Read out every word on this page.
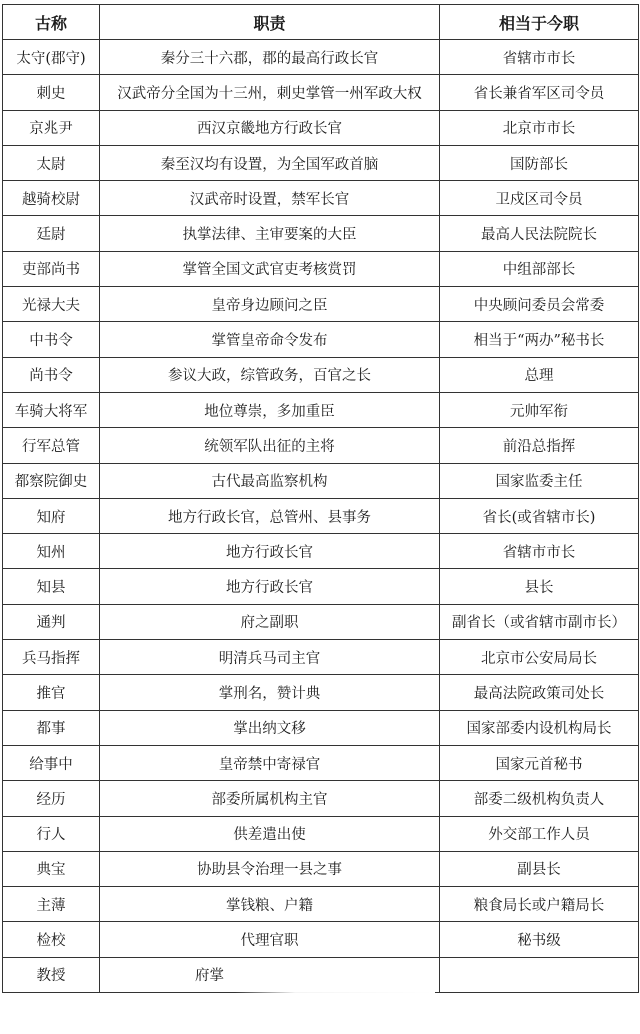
古称	职责	相当于今职
太守(郡守)	秦分三十六郡，郡的最高行政长官	省辖市市长
刺史	汉武帝分全国为十三州，刺史掌管一州军政大权	省长兼省军区司令员
京兆尹	西汉京畿地方行政长官	北京市市长
太尉	秦至汉均有设置，为全国军政首脑	国防部长
越骑校尉	汉武帝时设置，禁军长官	卫戍区司令员
廷尉	执掌法律、主审要案的大臣	最高人民法院院长
吏部尚书	掌管全国文武官吏考核赏罚	中组部部长
光禄大夫	皇帝身边顾问之臣	中央顾问委员会常委
中书令	掌管皇帝命令发布	相当于“两办”秘书长
尚书令	参议大政，综管政务，百官之长	总理
车骑大将军	地位尊崇，多加重臣	元帅军衔
行军总管	统领军队出征的主将	前沿总指挥
都察院御史	古代最高监察机构	国家监委主任
知府	地方行政长官，总管州、县事务	省长(或省辖市长)
知州	地方行政长官	省辖市市长
知县	地方行政长官	县长
通判	府之副职	副省长（或省辖市副市长）
兵马指挥	明清兵马司主官	北京市公安局局长
推官	掌刑名，赞计典	最高法院政策司处长
都事	掌出纳文移	国家部委内设机构局长
给事中	皇帝禁中寄禄官	国家元首秘书
经历	部委所属机构主官	部委二级机构负责人
行人	供差遣出使	外交部工作人员
典宝	协助县令治理一县之事	副县长
主薄	掌钱粮、户籍	粮食局长或户籍局长
检校	代理官职	秘书级
教授	府掌	
